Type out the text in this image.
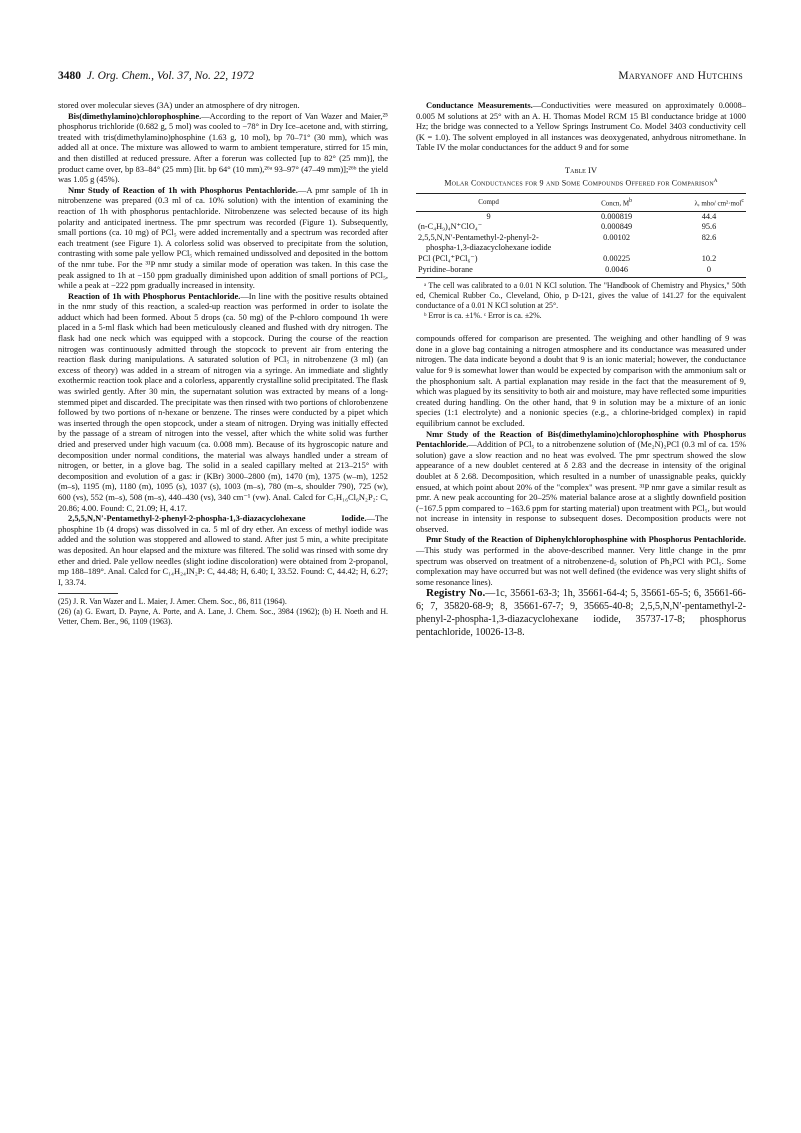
3480 J. Org. Chem., Vol. 37, No. 22, 1972	Maryanoff and Hutchins

stored over molecular sieves (3A) under an atmosphere of dry nitrogen.

Bis(dimethylamino)chlorophosphine.—According to the report of Van Wazer and Maier,²⁵ phosphorus trichloride (0.682 g, 5 mol) was cooled to −78° in Dry Ice–acetone and, with stirring, treated with tris(dimethylamino)phosphine (1.63 g, 10 mol), bp 70–71° (30 mm), which was added all at once. The mixture was allowed to warm to ambient temperature, stirred for 15 min, and then distilled at reduced pressure. After a forerun was collected [up to 82° (25 mm)], the product came over, bp 83–84° (25 mm) [lit. bp 64° (10 mm),²⁶ᵃ 93–97° (47–49 mm)];²⁶ᵇ the yield was 1.05 g (45%).

Nmr Study of Reaction of 1h with Phosphorus Pentachloride.—A pmr sample of 1h in nitrobenzene was prepared (0.3 ml of ca. 10% solution) with the intention of examining the reaction of 1h with phosphorus pentachloride. Nitrobenzene was selected because of its high polarity and anticipated inertness. The pmr spectrum was recorded (Figure 1). Subsequently, small portions (ca. 10 mg) of PCl₅ were added incrementally and a spectrum was recorded after each treatment (see Figure 1). A colorless solid was observed to precipitate from the solution, contrasting with some pale yellow PCl₅ which remained undissolved and deposited in the bottom of the nmr tube. For the ³¹P nmr study a similar mode of operation was taken. In this case the peak assigned to 1h at −150 ppm gradually diminished upon addition of small portions of PCl₅, while a peak at −222 ppm gradually increased in intensity.

Reaction of 1h with Phosphorus Pentachloride.—In line with the positive results obtained in the nmr study of this reaction, a scaled-up reaction was performed in order to isolate the adduct which had been formed. About 5 drops (ca. 50 mg) of the P-chloro compound 1h were placed in a 5-ml flask which had been meticulously cleaned and flushed with dry nitrogen. The flask had one neck which was equipped with a stopcock. During the course of the reaction nitrogen was continuously admitted through the stopcock to prevent air from entering the reaction flask during manipulations. A saturated solution of PCl₅ in nitrobenzene (3 ml) (an excess of theory) was added in a stream of nitrogen via a syringe. An immediate and slightly exothermic reaction took place and a colorless, apparently crystalline solid precipitated. The flask was swirled gently. After 30 min, the supernatant solution was extracted by means of a long-stemmed pipet and discarded. The precipitate was then rinsed with two portions of chlorobenzene followed by two portions of n-hexane or benzene. The rinses were conducted by a pipet which was inserted through the open stopcock, under a steam of nitrogen. Drying was initially effected by the passage of a stream of nitrogen into the vessel, after which the white solid was further dried and preserved under high vacuum (ca. 0.008 mm). Because of its hygroscopic nature and decomposition under normal conditions, the material was always handled under a stream of nitrogen, or better, in a glove bag. The solid in a sealed capillary melted at 213–215° with decomposition and evolution of a gas: ir (KBr) 3000–2800 (m), 1470 (m), 1375 (w–m), 1252 (m–s), 1195 (m), 1180 (m), 1095 (s), 1037 (s), 1003 (m–s), 780 (m–s, shoulder 790), 725 (w), 600 (vs), 552 (m–s), 508 (m–s), 440–430 (vs), 340 cm⁻¹ (vw). Anal. Calcd for C₇H₁₆Cl₆N₂P₂: C, 20.86; 4.00. Found: C, 21.09; H, 4.17.

2,5,5,N,N′-Pentamethyl-2-phenyl-2-phospha-1,3-diazacyclohexane Iodide.—The phosphine 1b (4 drops) was dissolved in ca. 5 ml of dry ether. An excess of methyl iodide was added and the solution was stoppered and allowed to stand. After just 5 min, a white precipitate was deposited. An hour elapsed and the mixture was filtered. The solid was rinsed with some dry ether and dried. Pale yellow needles (slight iodine discoloration) were obtained from 2-propanol, mp 188–189°. Anal. Calcd for C₁₄H₂₄IN₂P: C, 44.48; H, 6.40; I, 33.52. Found: C, 44.42; H, 6.27; I, 33.74.

(25) J. R. Van Wazer and L. Maier, J. Amer. Chem. Soc., 86, 811 (1964).
(26) (a) G. Ewart, D. Payne, A. Porte, and A. Lane, J. Chem. Soc., 3984 (1962); (b) H. Noeth and H. Vetter, Chem. Ber., 96, 1109 (1963).

Conductance Measurements.—Conductivities were measured on approximately 0.0008–0.005 M solutions at 25° with an A. H. Thomas Model RCM 15 Bl conductance bridge at 1000 Hz; the bridge was connected to a Yellow Springs Instrument Co. Model 3403 conductivity cell (K = 1.0). The solvent employed in all instances was deoxygenated, anhydrous nitromethane. In Table IV the molar conductances for the adduct 9 and for some

Table IV
Molar Conductances for 9 and Some Compounds Offered for Comparison$^a$
Compd	Concn, $M^b$	λ, mho/ cm²·mol$^c$
9	0.000819	44.4
(n-C₄H₉)₄N⁺ClO₄⁻	0.000849	95.6
2,5,5,N,N′-Pentamethyl-2-phenyl-2-phospha-1,3-diazacyclohexane iodide	0.00102	82.6
PCl (PCl₄⁺PCl₆⁻)	0.00225	10.2
Pyridine–borane	0.0046	0
ᵃ The cell was calibrated to a 0.01 N KCl solution. The "Handbook of Chemistry and Physics," 50th ed, Chemical Rubber Co., Cleveland, Ohio, p D-121, gives the value of 141.27 for the equivalent conductance of a 0.01 N KCl solution at 25°.
ᵇ Error is ca. ±1%. ᶜ Error is ca. ±2%.

compounds offered for comparison are presented. The weighing and other handling of 9 was done in a glove bag containing a nitrogen atmosphere and its conductance was measured under nitrogen. The data indicate beyond a doubt that 9 is an ionic material; however, the conductance value for 9 is somewhat lower than would be expected by comparison with the ammonium salt or the phosphonium salt. A partial explanation may reside in the fact that the measurement of 9, which was plagued by its sensitivity to both air and moisture, may have reflected some impurities created during handling. On the other hand, that 9 in solution may be a mixture of an ionic species (1:1 electrolyte) and a nonionic species (e.g., a chlorine-bridged complex) in rapid equilibrium cannot be excluded.

Nmr Study of the Reaction of Bis(dimethylamino)chlorophosphine with Phosphorus Pentachloride.—Addition of PCl₅ to a nitrobenzene solution of (Me₂N)₂PCl (0.3 ml of ca. 15% solution) gave a slow reaction and no heat was evolved. The pmr spectrum showed the slow appearance of a new doublet centered at δ 2.83 and the decrease in intensity of the original doublet at δ 2.68. Decomposition, which resulted in a number of unassignable peaks, quickly ensued, at which point about 20% of the "complex" was present. ³¹P nmr gave a similar result as pmr. A new peak accounting for 20–25% material balance arose at a slightly downfield position (−167.5 ppm compared to −163.6 ppm for starting material) upon treatment with PCl₅, but would not increase in intensity in response to subsequent doses. Decomposition products were not observed.

Pmr Study of the Reaction of Diphenylchlorophosphine with Phosphorus Pentachloride.—This study was performed in the above-described manner. Very little change in the pmr spectrum was observed on treatment of a nitrobenzene-d₅ solution of Ph₂PCl with PCl₅. Some complexation may have occurred but was not well defined (the evidence was very slight shifts of some resonance lines).

Registry No.—1c, 35661-63-3; 1h, 35661-64-4; 5, 35661-65-5; 6, 35661-66-6; 7, 35820-68-9; 8, 35661-67-7; 9, 35665-40-8; 2,5,5,N,N′-pentamethyl-2-phenyl-2-phospha-1,3-diazacyclohexane iodide, 35737-17-8; phosphorus pentachloride, 10026-13-8.
